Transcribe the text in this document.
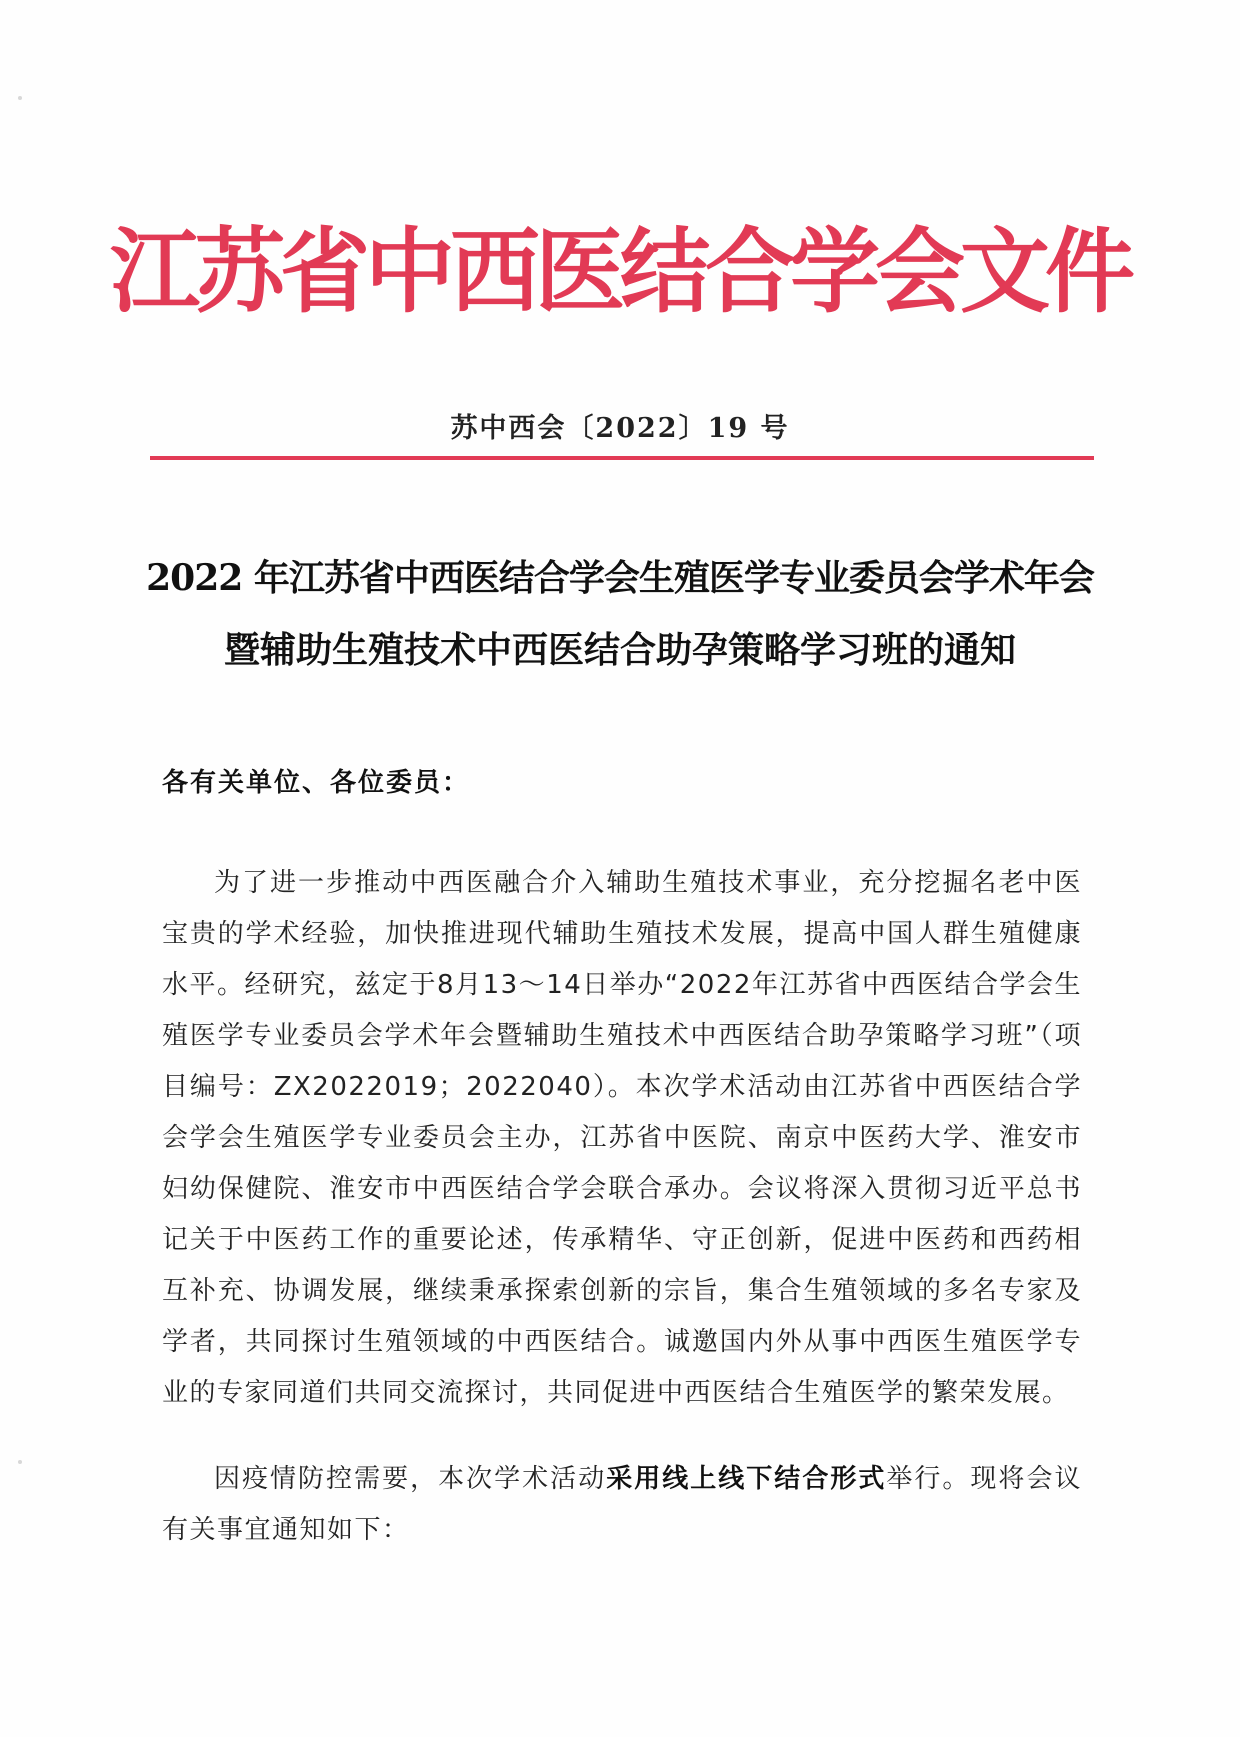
江苏省中西医结合学会文件
苏中西会〔2022〕19 号
2022 年江苏省中西医结合学会生殖医学专业委员会学术年会
暨辅助生殖技术中西医结合助孕策略学习班的通知
各有关单位、各位委员：
为了进一步推动中西医融合介入辅助生殖技术事业，充分挖掘名老中医宝贵的学术经验，加快推进现代辅助生殖技术发展，提高中国人群生殖健康水平。经研究，兹定于8月13～14日举办“2022年江苏省中西医结合学会生殖医学专业委员会学术年会暨辅助生殖技术中西医结合助孕策略学习班”（项目编号：ZX2022019；2022040）。本次学术活动由江苏省中西医结合学会学会生殖医学专业委员会主办，江苏省中医院、南京中医药大学、淮安市妇幼保健院、淮安市中西医结合学会联合承办。会议将深入贯彻习近平总书记关于中医药工作的重要论述，传承精华、守正创新，促进中医药和西药相互补充、协调发展，继续秉承探索创新的宗旨，集合生殖领域的多名专家及学者，共同探讨生殖领域的中西医结合。诚邀国内外从事中西医生殖医学专业的专家同道们共同交流探讨，共同促进中西医结合生殖医学的繁荣发展。
因疫情防控需要，本次学术活动采用线上线下结合形式举行。现将会议有关事宜通知如下：
